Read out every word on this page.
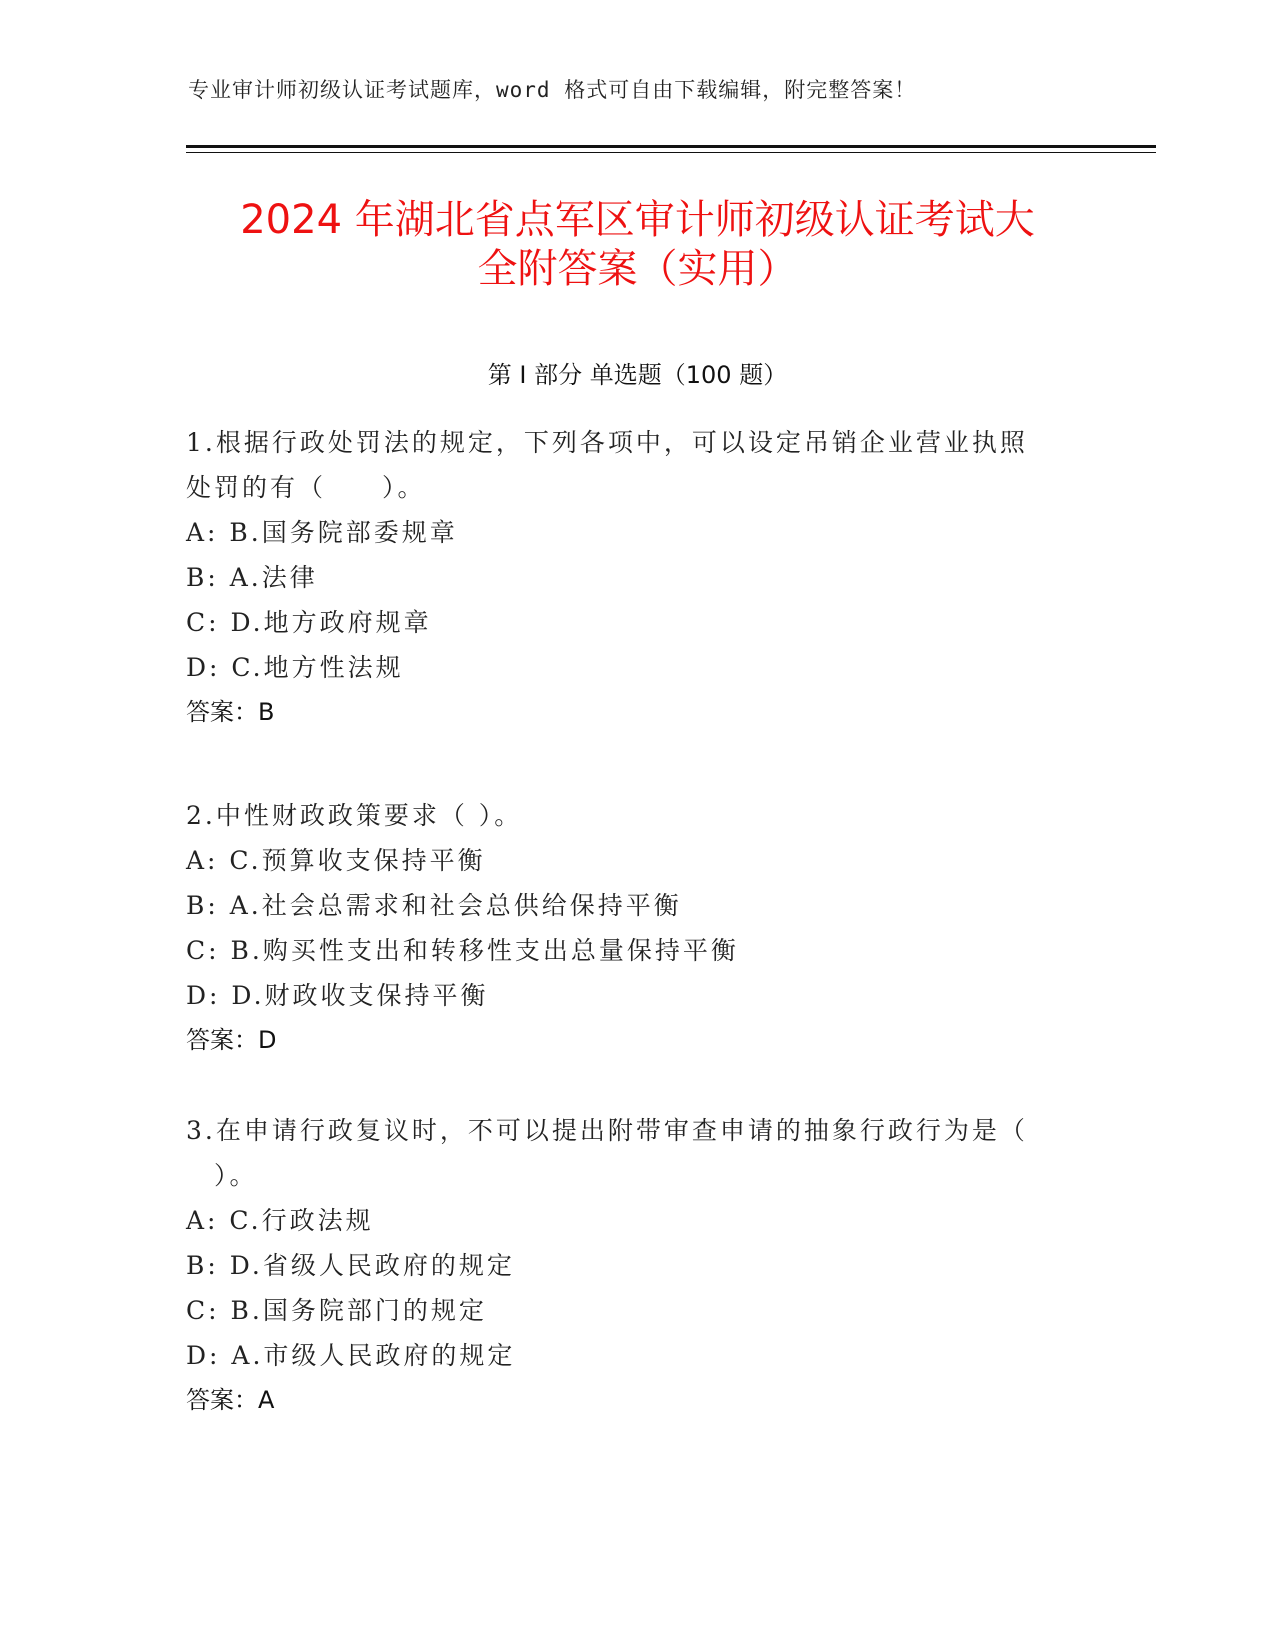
专业审计师初级认证考试题库，word 格式可自由下载编辑，附完整答案！
2024 年湖北省点军区审计师初级认证考试大
全附答案（实用）
第 I 部分 单选题（100 题）
1.根据行政处罚法的规定，下列各项中，可以设定吊销企业营业执照
处罚的有（　　）。
A: B.国务院部委规章
B: A.法律
C: D.地方政府规章
D: C.地方性法规
答案：B
2.中性财政政策要求（ ）。
A: C.预算收支保持平衡
B: A.社会总需求和社会总供给保持平衡
C: B.购买性支出和转移性支出总量保持平衡
D: D.财政收支保持平衡
答案：D
3.在申请行政复议时，不可以提出附带审查申请的抽象行政行为是（
　）。
A: C.行政法规
B: D.省级人民政府的规定
C: B.国务院部门的规定
D: A.市级人民政府的规定
答案：A
